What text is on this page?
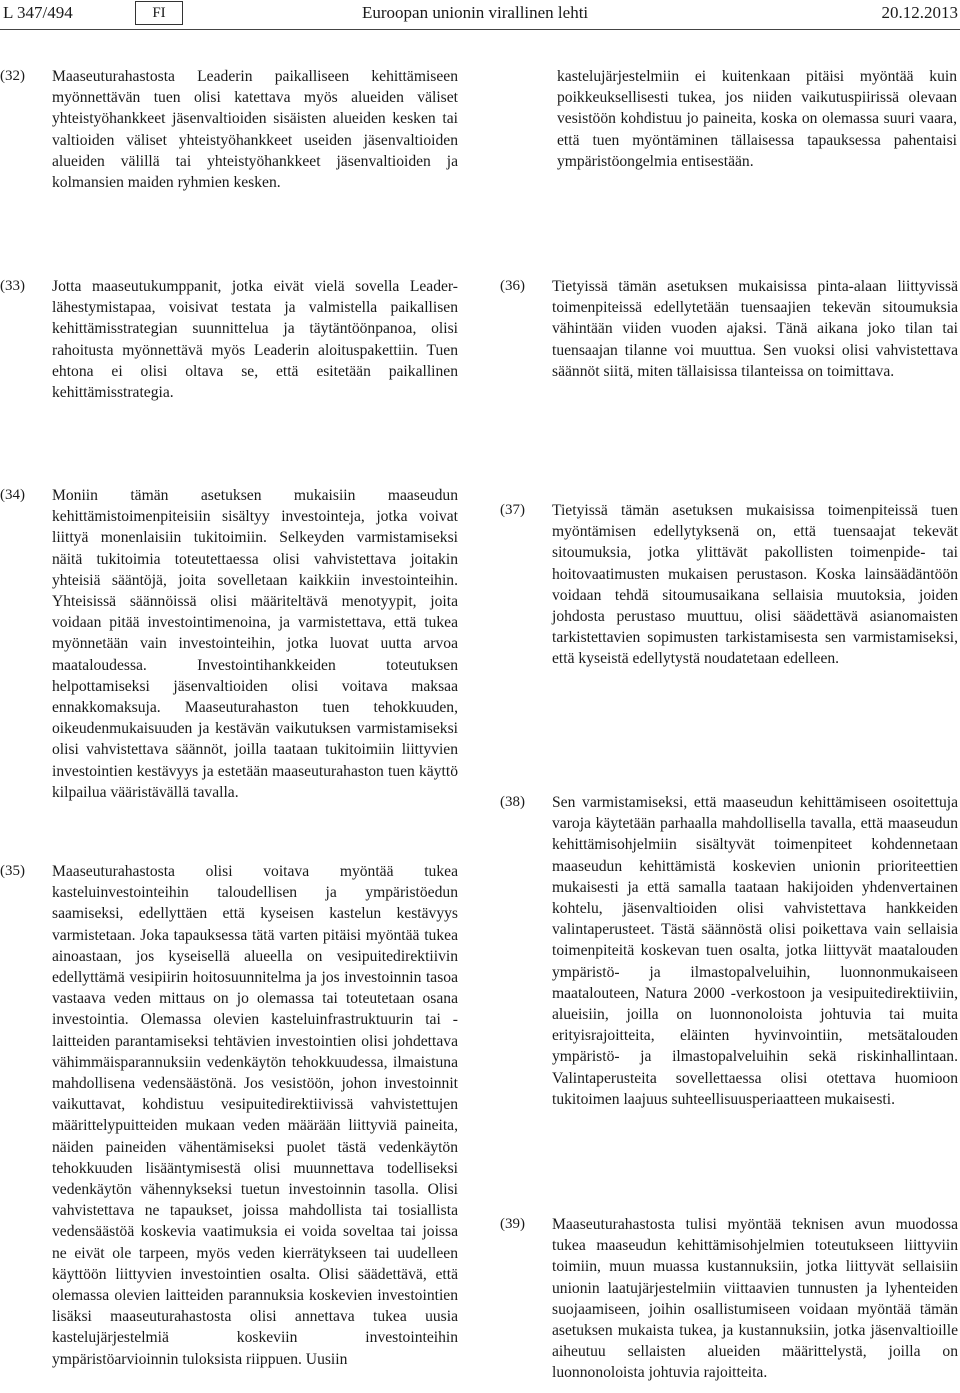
L 347/494	FI	Euroopan unionin virallinen lehti	20.12.2013
(32) Maaseuturahastosta Leaderin paikalliseen kehittämiseen myönnettävän tuen olisi katettava myös alueiden väliset yhteistyöhankkeet jäsenvaltioiden sisäisten alueiden kesken tai valtioiden väliset yhteistyöhankkeet useiden jäsenvaltioiden alueiden välillä tai yhteistyöhankkeet jäsenvaltioiden ja kolmansien maiden ryhmien kesken.
(33) Jotta maaseutukumppanit, jotka eivät vielä sovella Leader-lähestymistapaa, voisivat testata ja valmistella paikallisen kehittämisstrategian suunnittelua ja täytäntöönpanoa, olisi rahoitusta myönnettävä myös Leaderin aloituspakettiin. Tuen ehtona ei olisi oltava se, että esitetään paikallinen kehittämisstrategia.
(34) Moniin tämän asetuksen mukaisiin maaseudun kehittämistoimenpiteisiin sisältyy investointeja, jotka voivat liittyä monenlaisiin tukitoimiin. Selkeyden varmistamiseksi näitä tukitoimia toteutettaessa olisi vahvistettava joitakin yhteisiä sääntöjä, joita sovelletaan kaikkiin investointeihin. Yhteisissä säännöissä olisi määriteltävä menotyypit, joita voidaan pitää investointimenoina, ja varmistettava, että tukea myönnetään vain investointeihin, jotka luovat uutta arvoa maataloudessa. Investointihankkeiden toteutuksen helpottamiseksi jäsenvaltioiden olisi voitava maksaa ennakkomaksuja. Maaseuturahaston tuen tehokkuuden, oikeudenmukaisuuden ja kestävän vaikutuksen varmistamiseksi olisi vahvistettava säännöt, joilla taataan tukitoimiin liittyvien investointien kestävyys ja estetään maaseuturahaston tuen käyttö kilpailua vääristävällä tavalla.
(35) Maaseuturahastosta olisi voitava myöntää tukea kasteluinvestointeihin taloudellisen ja ympäristöedun saamiseksi, edellyttäen että kyseisen kastelun kestävyys varmistetaan. Joka tapauksessa tätä varten pitäisi myöntää tukea ainoastaan, jos kyseisellä alueella on vesipuitedirektiivin edellyttämä vesipiirin hoitosuunnitelma ja jos investoinnin tasoa vastaava veden mittaus on jo olemassa tai toteutetaan osana investointia. Olemassa olevien kasteluinfrastruktuurin tai -laitteiden parantamiseksi tehtävien investointien olisi johdettava vähimmäisparannuksiin vedenkäytön tehokkuudessa, ilmaistuna mahdollisena vedensäästönä. Jos vesistöön, johon investoinnit vaikuttavat, kohdistuu vesipuitedirektiivissä vahvistettujen määrittelypuitteiden mukaan veden määrään liittyviä paineita, näiden paineiden vähentämiseksi puolet tästä vedenkäytön tehokkuuden lisääntymisestä olisi muunnettava todelliseksi vedenkäytön vähennykseksi tuetun investoinnin tasolla. Olisi vahvistettava ne tapaukset, joissa mahdollista tai tosiallista vedensäästöä koskevia vaatimuksia ei voida soveltaa tai joissa ne eivät ole tarpeen, myös veden kierrätykseen tai uudelleen käyttöön liittyvien investointien osalta. Olisi säädettävä, että olemassa olevien laitteiden parannuksia koskevien investointien lisäksi maaseuturahastosta olisi annettava tukea uusia kastelujärjestelmiä koskeviin investointeihin ympäristöarvioinnin tuloksista riippuen. Uusiin
kastelujärjestelmiin ei kuitenkaan pitäisi myöntää kuin poikkeuksellisesti tukea, jos niiden vaikutuspiirissä olevaan vesistöön kohdistuu jo paineita, koska on olemassa suuri vaara, että tuen myöntäminen tällaisessa tapauksessa pahentaisi ympäristöongelmia entisestään.
(36) Tietyissä tämän asetuksen mukaisissa pinta-alaan liittyvissä toimenpiteissä edellytetään tuensaajien tekevän sitoumuksia vähintään viiden vuoden ajaksi. Tänä aikana joko tilan tai tuensaajan tilanne voi muuttua. Sen vuoksi olisi vahvistettava säännöt siitä, miten tällaisissa tilanteissa on toimittava.
(37) Tietyissä tämän asetuksen mukaisissa toimenpiteissä tuen myöntämisen edellytyksenä on, että tuensaajat tekevät sitoumuksia, jotka ylittävät pakollisten toimenpide- tai hoitovaatimusten mukaisen perustason. Koska lainsäädäntöön voidaan tehdä sitoumusaikana sellaisia muutoksia, joiden johdosta perustaso muuttuu, olisi säädettävä asianomaisten tarkistettavien sopimusten tarkistamisesta sen varmistamiseksi, että kyseistä edellytystä noudatetaan edelleen.
(38) Sen varmistamiseksi, että maaseudun kehittämiseen osoitettuja varoja käytetään parhaalla mahdollisella tavalla, että maaseudun kehittämisohjelmiin sisältyvät toimenpiteet kohdennetaan maaseudun kehittämistä koskevien unionin prioriteettien mukaisesti ja että samalla taataan hakijoiden yhdenvertainen kohtelu, jäsenvaltioiden olisi vahvistettava hankkeiden valintaperusteet. Tästä säännöstä olisi poikettava vain sellaisia toimenpiteitä koskevan tuen osalta, jotka liittyvät maatalouden ympäristö- ja ilmastopalveluihin, luonnonmukaiseen maatalouteen, Natura 2000 -verkostoon ja vesipuitedirektiiviin, alueisiin, joilla on luonnonoloista johtuvia tai muita erityisrajoitteita, eläinten hyvinvointiin, metsätalouden ympäristö- ja ilmastopalveluihin sekä riskinhallintaan. Valintaperusteita sovellettaessa olisi otettava huomioon tukitoimen laajuus suhteellisuusperiaatteen mukaisesti.
(39) Maaseuturahastosta tulisi myöntää teknisen avun muodossa tukea maaseudun kehittämisohjelmien toteutukseen liittyviin toimiin, muun muassa kustannuksiin, jotka liittyvät sellaisiin unionin laatujärjestelmiin viittaavien tunnusten ja lyhenteiden suojaamiseen, joihin osallistumiseen voidaan myöntää tämän asetuksen mukaista tukea, ja kustannuksiin, jotka jäsenvaltioille aiheutuu sellaisten alueiden määrittelystä, joilla on luonnonoloista johtuvia rajoitteita.
